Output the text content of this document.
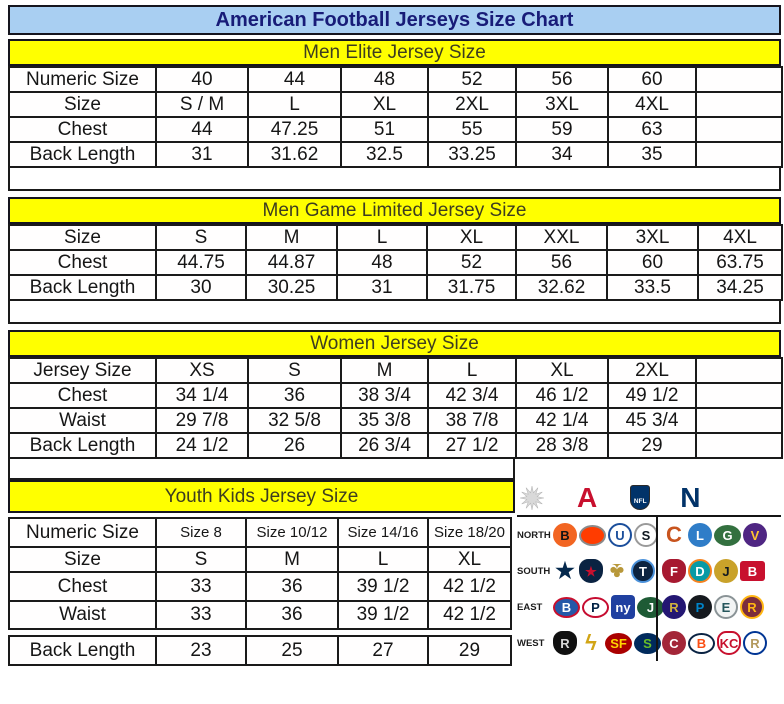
American Football Jerseys Size Chart
Men Elite Jersey Size
Numeric Size	40	44	48	52	56	60	
Size	S / M	L	XL	2XL	3XL	4XL	
Chest	44	47.25	51	55	59	63	
Back Length	31	31.62	32.5	33.25	34	35	
Men Game Limited Jersey Size
Size	S	M	L	XL	XXL	3XL	4XL
Chest	44.75	44.87	48	52	56	60	63.75
Back Length	30	30.25	31	31.75	32.62	33.5	34.25
Women Jersey Size
Jersey Size	XS	S	M	L	XL	2XL	
Chest	34 1/4	36	38 3/4	42 3/4	46 1/2	49 1/2	
Waist	29 7/8	32 5/8	35 3/8	38 7/8	42 1/4	45 3/4	
Back Length	24 1/2	26	26 3/4	27 1/2	28 3/8	29	
Youth Kids Jersey Size
Numeric Size	Size 8	Size 10/12	Size 14/16	Size 18/20
Size	S	M	L	XL
Chest	33	36	39 1/2	42 1/2
Waist	33	36	39 1/2	42 1/2
Back Length	23	25	27	29
A	NFL N
NORTH B	U	S C	L	G	V
SOUTH ★ ★ ♣	T	F	D	J	B
EAST	B	P	ny	J	R	P	E	R
WEST	R ϟ	SF	S	C	B	KC R
